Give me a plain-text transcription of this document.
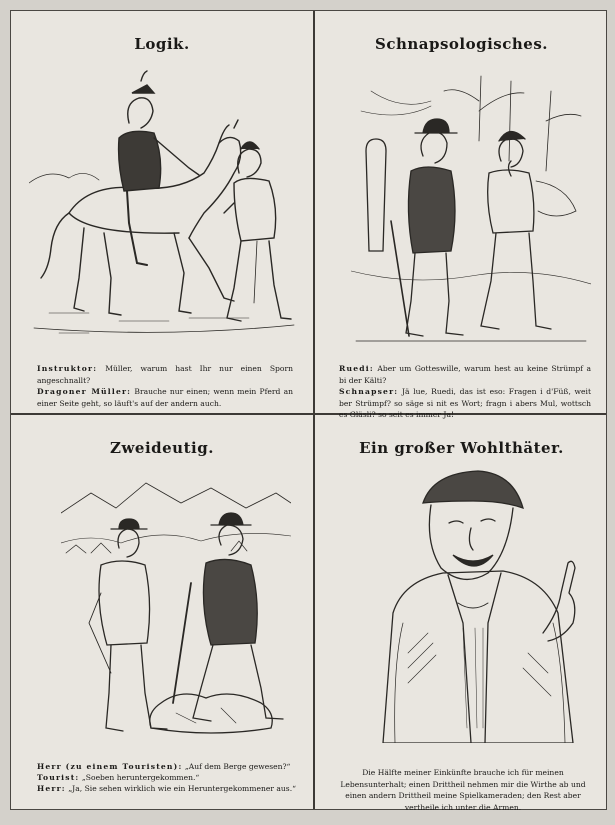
Logik.
Instruktor: Müller, warum hast Ihr nur einen Sporn angeschnallt?
Dragoner Müller: Brauche nur einen; wenn mein Pferd an einer Seite geht, so läuft's auf der andern auch.
Schnapsologisches.
Ruedi: Aber um Gotteswille, warum hest au keine Strümpf a bi der Kälti?
Schnapser: Jä lue, Ruedi, das ist eso: Fragen i d'Füß, weit ber Strümpf? so säge si nit es Wort; fragn i abers Mul, wottsch es Gläsli? so seit es immer Ja!
Zweideutig.
Herr (zu einem Touristen): „Auf dem Berge gewesen?“
Tourist: „Soeben heruntergekommen.“
Herr: „Ja, Sie sehen wirklich wie ein Heruntergekommener aus.“
Ein großer Wohlthäter.
Die Hälfte meiner Einkünfte brauche ich für meinen Lebensunterhalt; einen Drittheil nehmen mir die Wirthe ab und einen andern Drittheil meine Spielkameraden; den Rest aber vertheile ich unter die Armen.
